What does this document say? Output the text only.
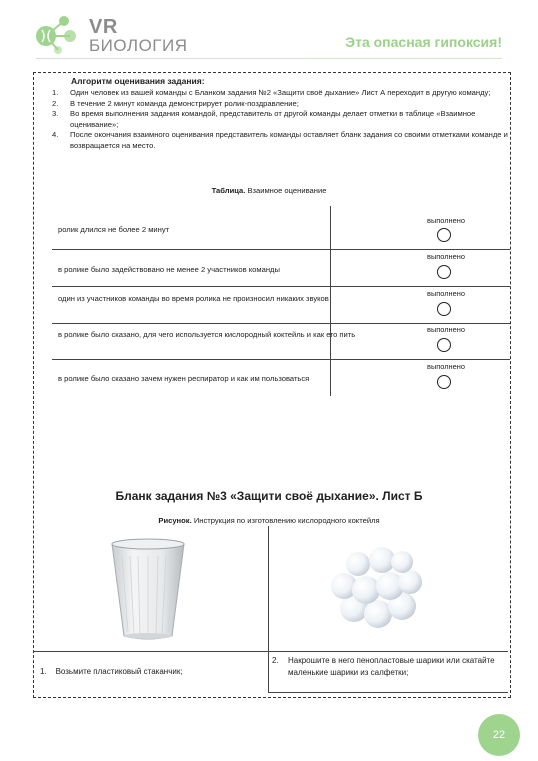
VR
БИОЛОГИЯ	Эта опасная гипоксия!
Алгоритм оценивания задания:
1. Один человек из вашей команды с Бланком задания №2 «Защити своё дыхание» Лист А переходит в другую команду;
2. В течение 2 минут команда демонстрирует ролик-поздравление;
3. Во время выполнения задания командой, представитель от другой команды делает отметки в таблице «Взаимное оценивание»;
4. После окончания взаимного оценивания представитель команды оставляет бланк задания со своими отметками команде и возвращается на место.
Таблица. Взаимное оценивание
ролик длился не более 2 минут
выполнено
в ролике было задействовано не менее 2 участников команды
выполнено
один из участников команды во время ролика не произносил никаких звуков
выполнено
в ролике было сказано, для чего используется кислородный коктейль и как его пить
выполнено
в ролике было сказано зачем нужен респиратор и как им пользоваться
выполнено
Бланк задания №3 «Защити своё дыхание». Лист Б
Рисунок. Инструкция по изготовлению кислородного коктейля
1. Возьмите пластиковый стаканчик;
2. Накрошите в него пенопластовые шарики или скатайте маленькие шарики из салфетки;
22
